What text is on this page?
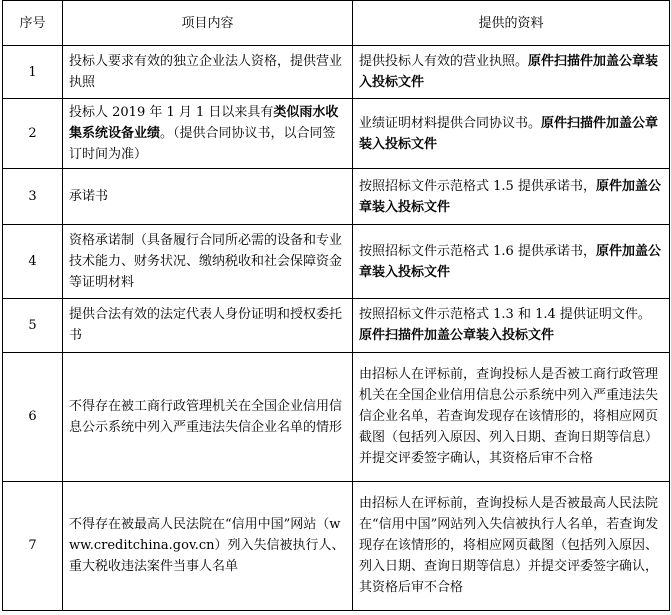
序号	项目内容	提供的资料
1	投标人要求有效的独立企业法人资格，提供营业执照	提供投标人有效的营业执照。原件扫描件加盖公章装入投标文件
2	投标人 2019 年 1 月 1 日以来具有类似雨水收集系统设备业绩。（提供合同协议书，以合同签订时间为准）	业绩证明材料提供合同协议书。原件扫描件加盖公章装入投标文件
3	承诺书	按照招标文件示范格式 1.5 提供承诺书，原件加盖公章装入投标文件
4	资格承诺制（具备履行合同所必需的设备和专业技术能力、财务状况、缴纳税收和社会保障资金等证明材料	按照招标文件示范格式 1.6 提供承诺书，原件加盖公章装入投标文件
5	提供合法有效的法定代表人身份证明和授权委托书	按照招标文件示范格式 1.3 和 1.4 提供证明文件。原件扫描件加盖公章装入投标文件
6	不得存在被工商行政管理机关在全国企业信用信息公示系统中列入严重违法失信企业名单的情形	由招标人在评标前，查询投标人是否被工商行政管理机关在全国企业信用信息公示系统中列入严重违法失信企业名单，若查询发现存在该情形的，将相应网页截图（包括列入原因、列入日期、查询日期等信息）并提交评委签字确认，其资格后审不合格
7	不得存在被最高人民法院在“信用中国”网站（www.creditchina.gov.cn）列入失信被执行人、重大税收违法案件当事人名单	由招标人在评标前，查询投标人是否被最高人民法院在“信用中国”网站列入失信被执行人名单，若查询发现存在该情形的，将相应网页截图（包括列入原因、列入日期、查询日期等信息）并提交评委签字确认，其资格后审不合格
